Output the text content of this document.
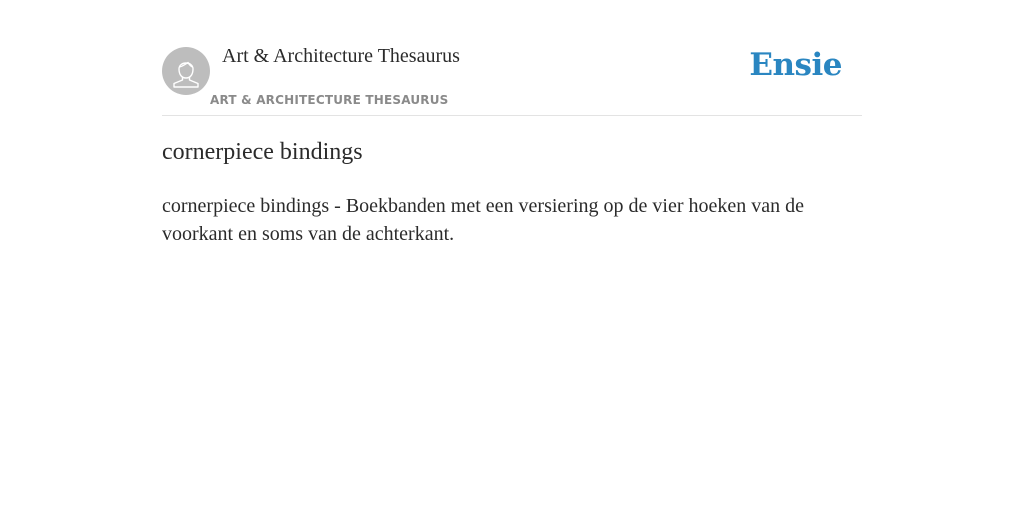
Art & Architecture Thesaurus
ART & ARCHITECTURE THESAURUS
Ensie
cornerpiece bindings

cornerpiece bindings - Boekbanden met een versiering op de vier hoeken van de voorkant en soms van de achterkant.
